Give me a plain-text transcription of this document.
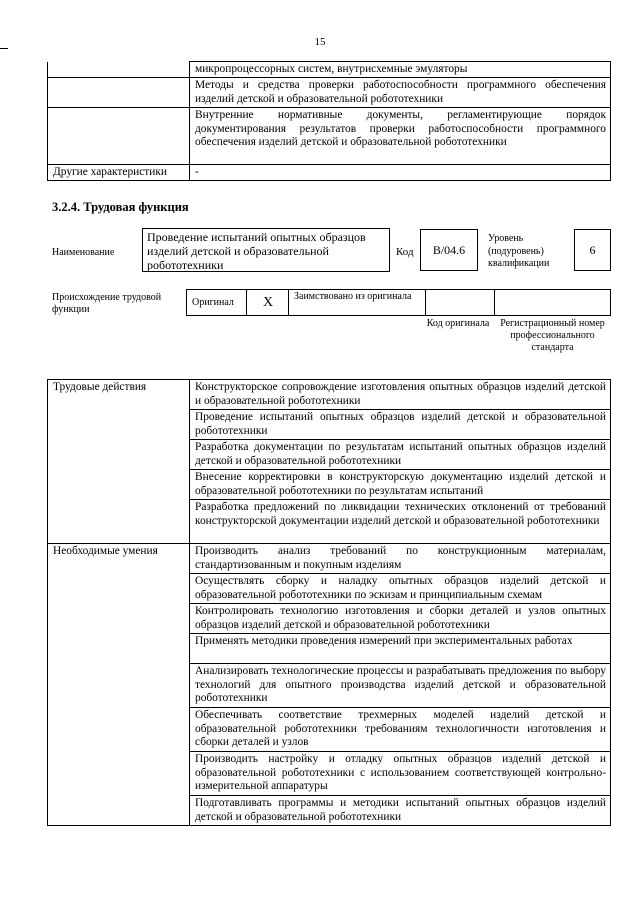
15
	микропроцессорных систем, внутрисхемные эмуляторы
	Методы и средства проверки работоспособности программного обеспечения изделий детской и образовательной робототехники
	Внутренние нормативные документы, регламентирующие порядок документирования результатов проверки работоспособности программного обеспечения изделий детской и образовательной робототехники
Другие характеристики	-
3.2.4. Трудовая функция
Наименование
Проведение испытаний опытных образцов изделий детской и образовательной робототехники
Код	B/04.6
Уровень (подуровень) квалификации
6
Происхождение трудовой функции
Оригинал	X	Заимствовано из оригинала		
Код оригинала	Регистрационный номер профессионального стандарта
Трудовые действия	Конструкторское сопровождение изготовления опытных образцов изделий детской и образовательной робототехники
	Проведение испытаний опытных образцов изделий детской и образовательной робототехники
	Разработка документации по результатам испытаний опытных образцов изделий детской и образовательной робототехники
	Внесение корректировки в конструкторскую документацию изделий детской и образовательной робототехники по результатам испытаний
	Разработка предложений по ликвидации технических отклонений от требований конструкторской документации изделий детской и образовательной робототехники
Необходимые умения	Производить анализ требований по конструкционным материалам, стандартизованным и покупным изделиям
	Осуществлять сборку и наладку опытных образцов изделий детской и образовательной робототехники по эскизам и принципиальным схемам
	Контролировать технологию изготовления и сборки деталей и узлов опытных образцов изделий детской и образовательной робототехники
	Применять методики проведения измерений при экспериментальных работах
	Анализировать технологические процессы и разрабатывать предложения по выбору технологий для опытного производства изделий детской и образовательной робототехники
	Обеспечивать соответствие трехмерных моделей изделий детской и образовательной робототехники требованиям технологичности изготовления и сборки деталей и узлов
	Производить настройку и отладку опытных образцов изделий детской и образовательной робототехники с использованием соответствующей контрольно-измерительной аппаратуры
	Подготавливать программы и методики испытаний опытных образцов изделий детской и образовательной робототехники
